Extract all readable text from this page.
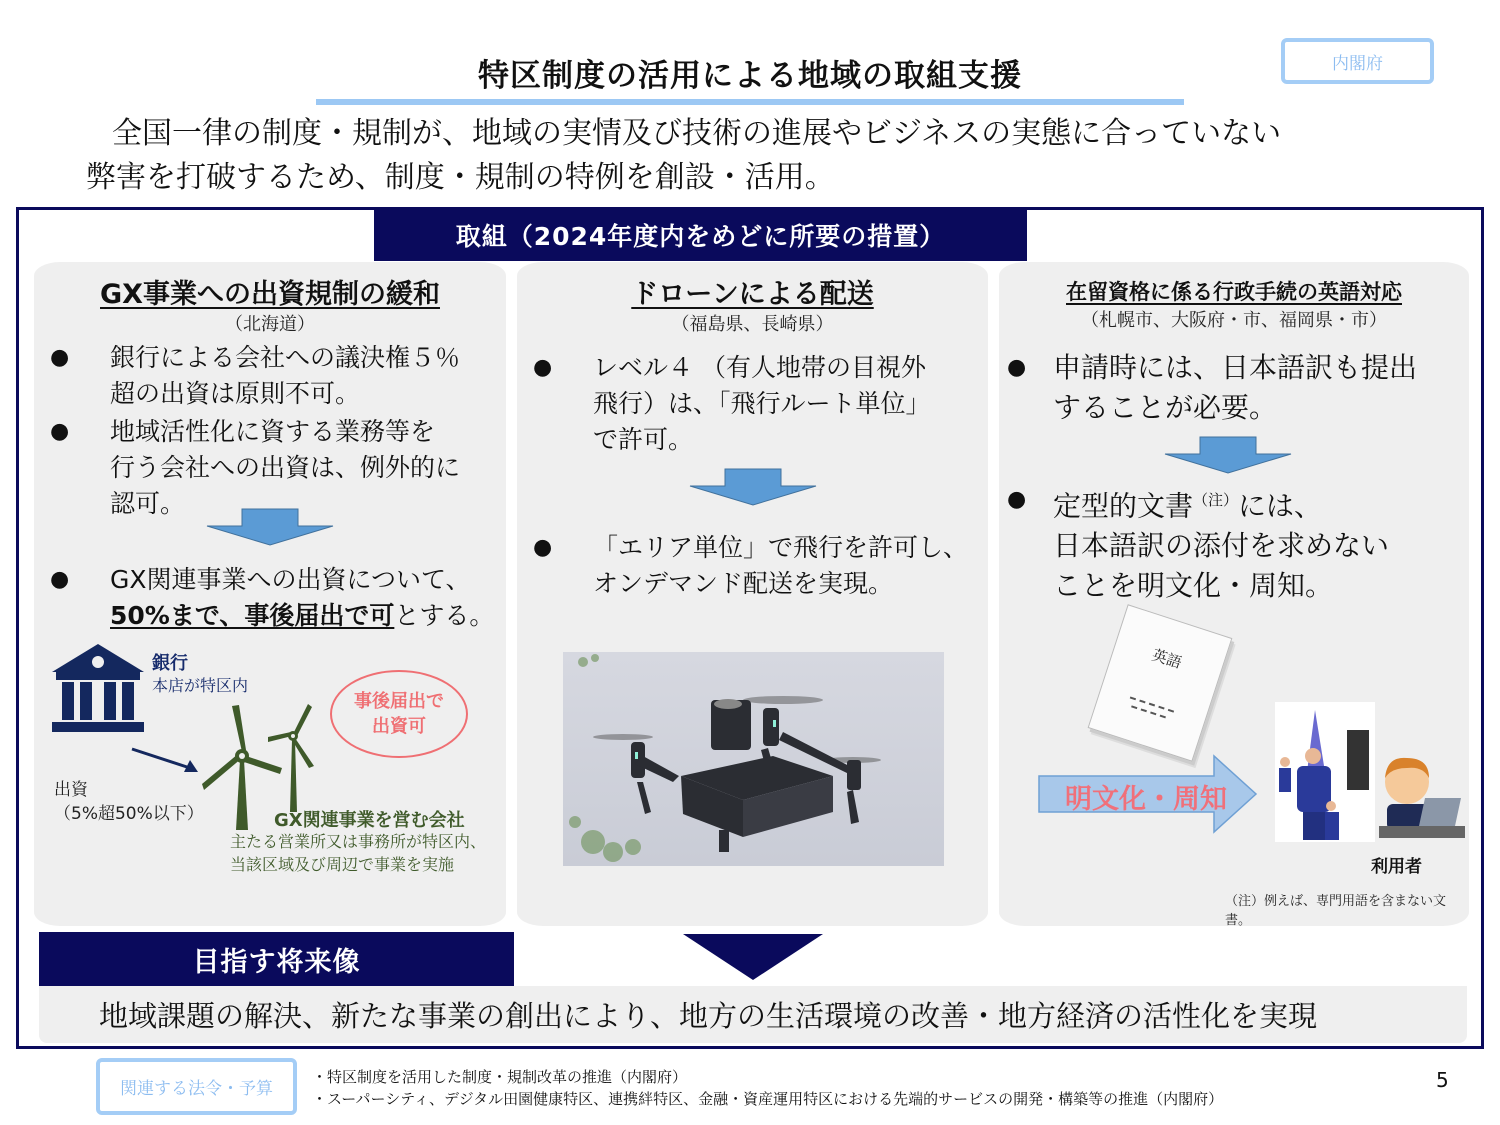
特区制度の活用による地域の取組支援	内閣府
全国一律の制度・規制が、地域の実情及び技術の進展やビジネスの実態に合っていない
弊害を打破するため、制度・規制の特例を創設・活用。
取組（2024年度内をめどに所要の措置）
GX事業への出資規制の緩和
（北海道）
●	銀行による会社への議決権５％
超の出資は原則不可。
●	地域活性化に資する業務等を
行う会社への出資は、例外的に
認可。
●	GX関連事業への出資について、
50%まで、事後届出で可とする。
銀行
本店が特区内
出資
（5%超50%以下）
事後届出で
出資可
GX関連事業を営む会社
主たる営業所又は事務所が特区内、
当該区域及び周辺で事業を実施
ドローンによる配送
（福島県、長崎県）
●	レベル４ （有人地帯の目視外
飛行）は、「飛行ルート単位」
で許可。
●	「エリア単位」で飛行を許可し、
オンデマンド配送を実現。
在留資格に係る行政手続の英語対応
（札幌市、大阪府・市、福岡県・市）
● 申請時には、日本語訳も提出
することが必要。
● 定型的文書$^{(注)}$には、
日本語訳の添付を求めない
ことを明文化・周知。
英語
明文化・周知
利用者
（注）例えば、専門用語を含まない文書。
地域課題の解決、新たな事業の創出により、地方の生活環境の改善・地方経済の活性化を実現
目指す将来像
関連する法令・予算
・特区制度を活用した制度・規制改革の推進（内閣府）
・スーパーシティ、デジタル田園健康特区、連携絆特区、金融・資産運用特区における先端的サービスの開発・構築等の推進（内閣府）
5
